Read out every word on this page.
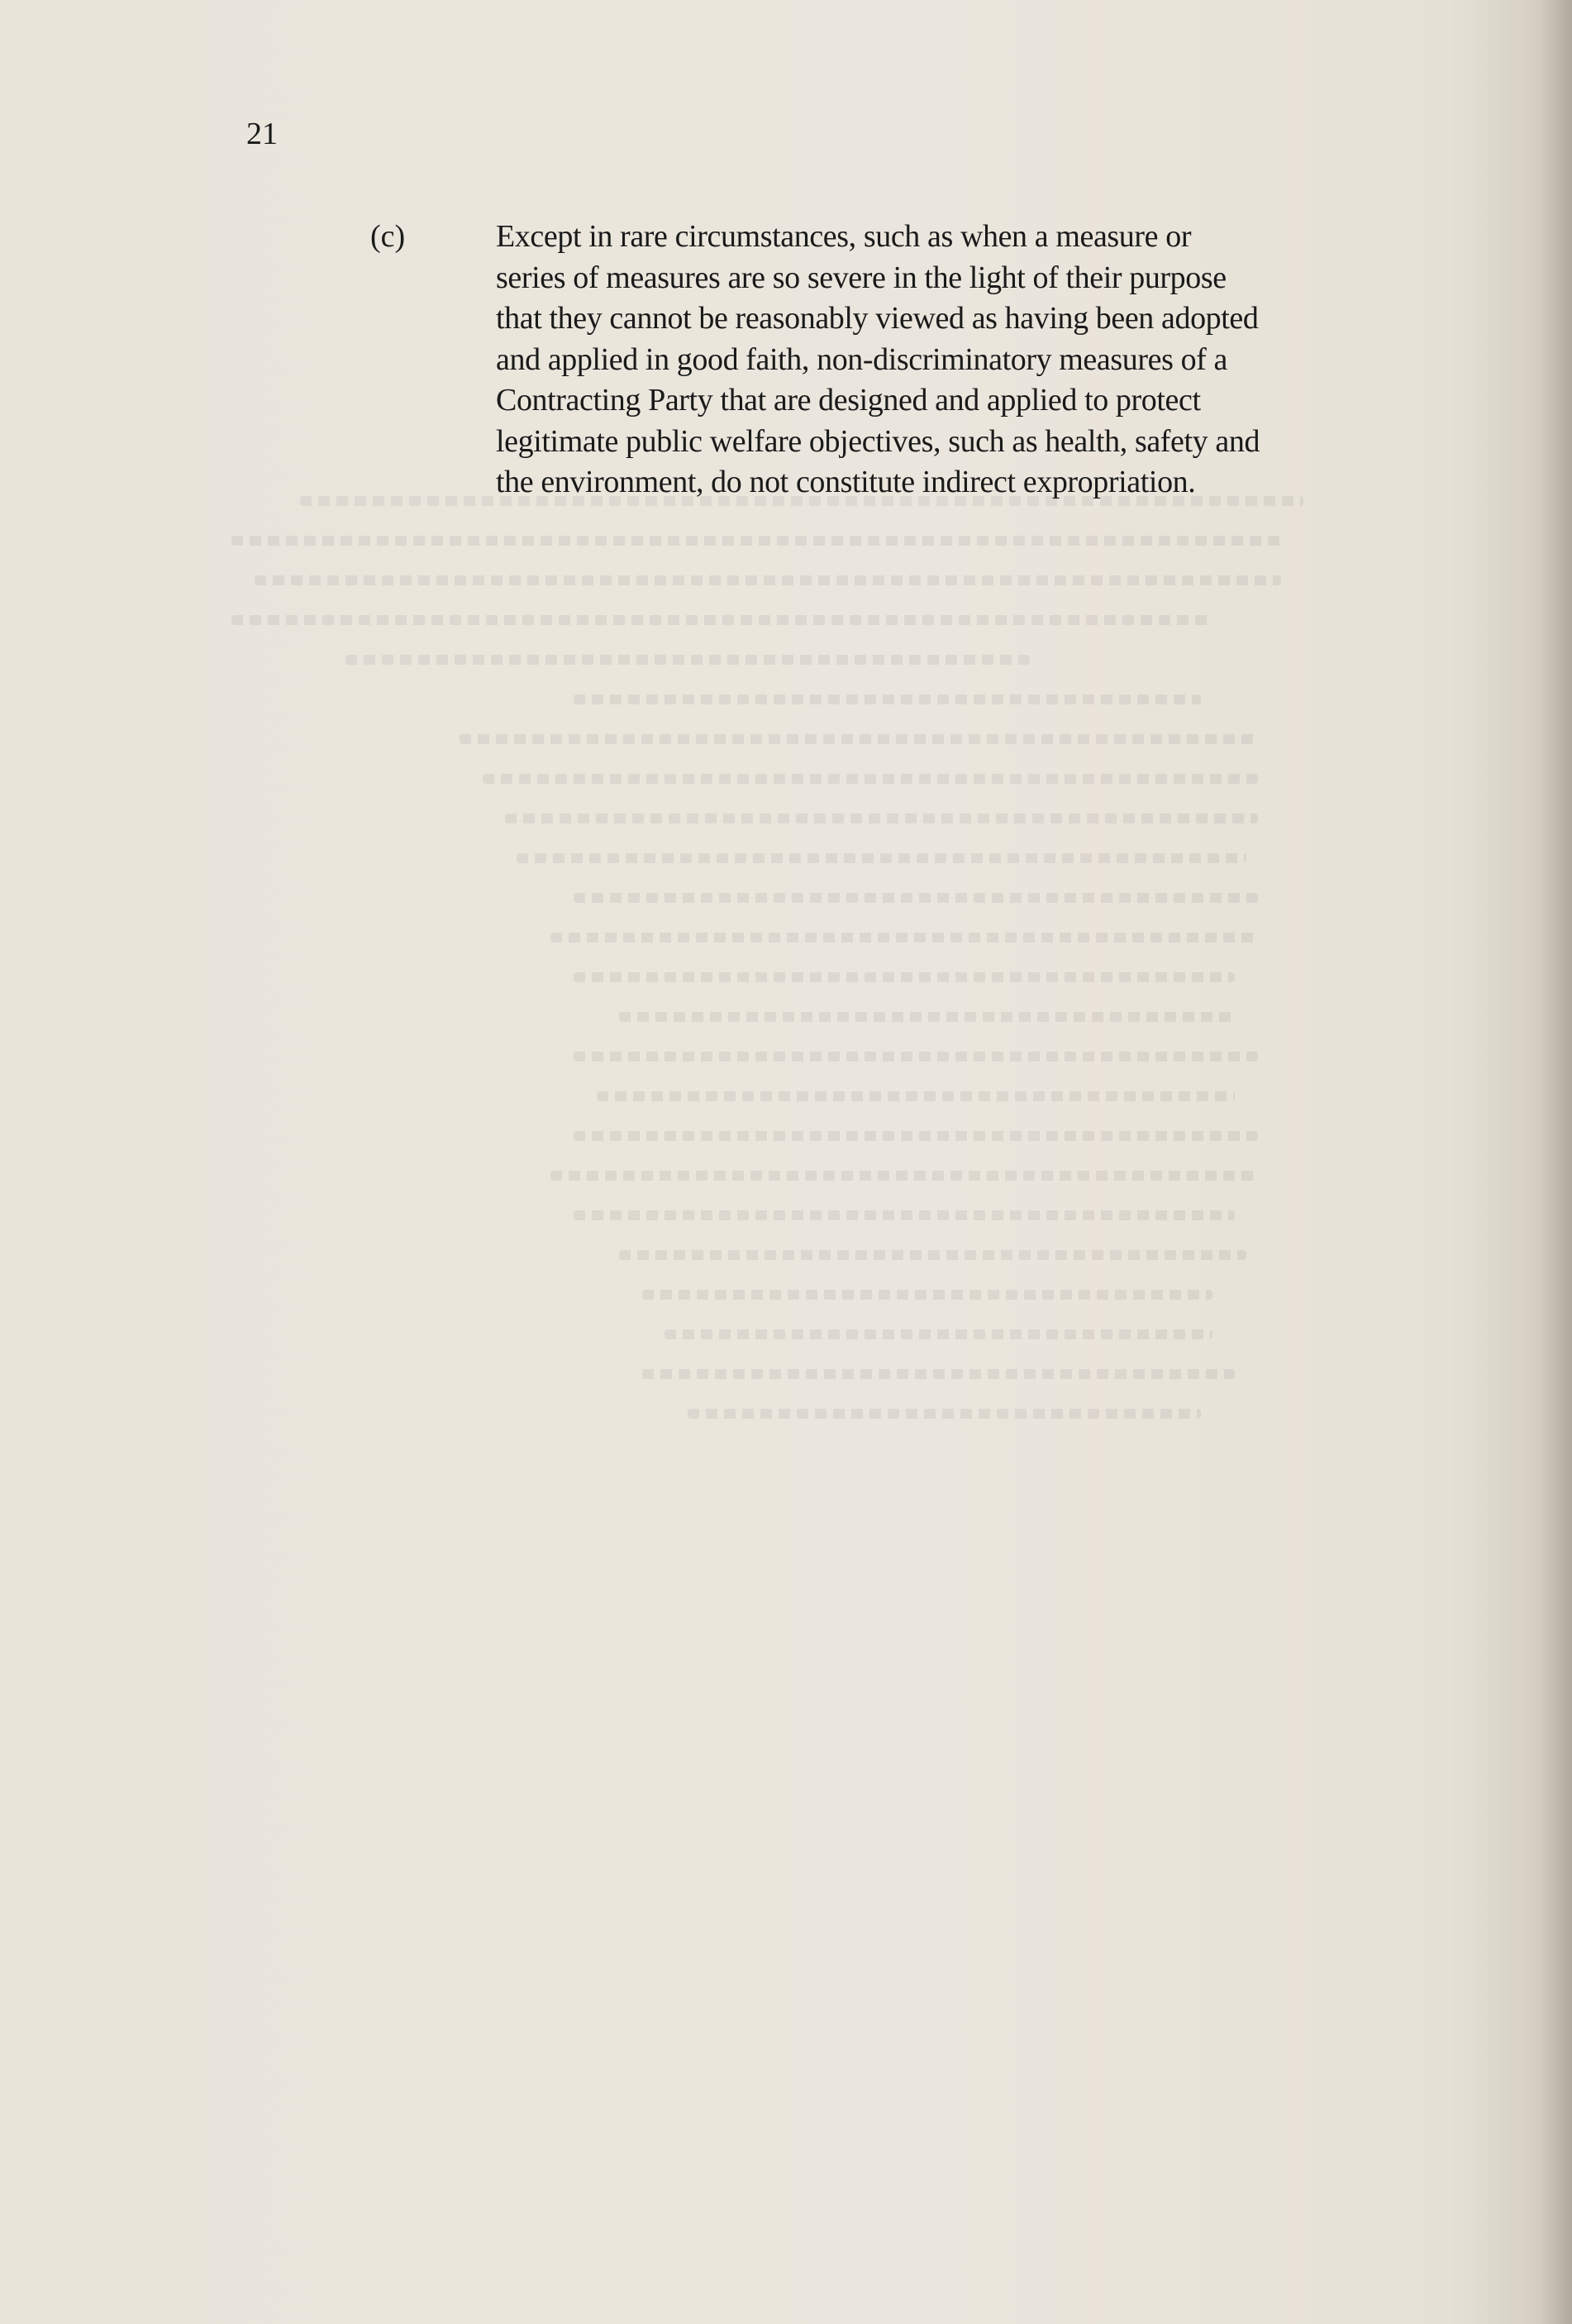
21
(c)	Except in rare circumstances, such as when a measure or
series of measures are so severe in the light of their purpose
that they cannot be reasonably viewed as having been adopted
and applied in good faith, non-discriminatory measures of a
Contracting Party that are designed and applied to protect
legitimate public welfare objectives, such as health, safety and
the environment, do not constitute indirect expropriation.
